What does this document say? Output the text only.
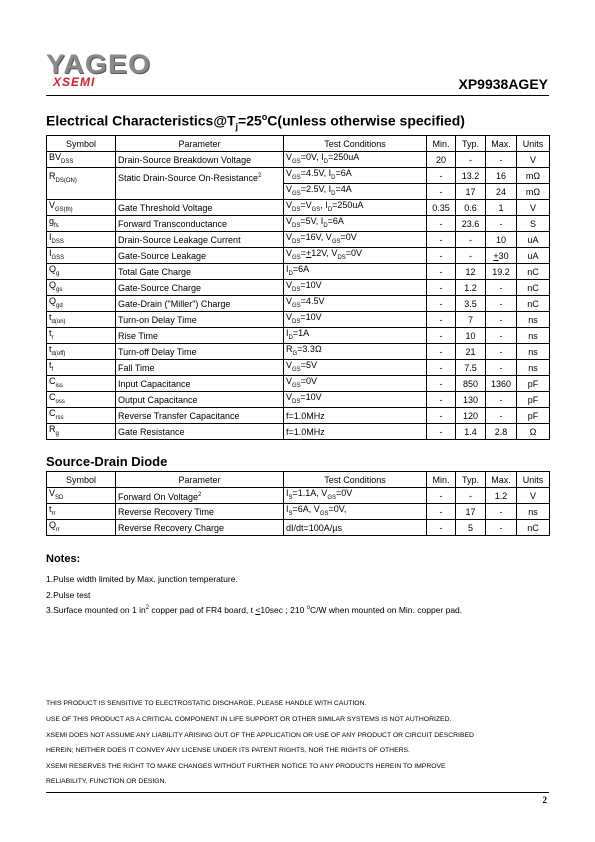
YAGEO
XSEMI	XP9938AGEY
Electrical $Characteristics@T_j=25^oC(unless$ otherwise specified)
Symbol	Parameter	Test Conditions	Min.	Typ.	Max.	Units
$BV_{DSS}$	Drain-Source Breakdown Voltage	$V_{GS}=0V$, $I_D=250uA$	20	-	-	V
$R_{DS(ON)}$	Static Drain-Source On-Resistance$^2$	$V_{GS}=4.5V$, $I_D=6A$	-	13.2	16	mΩ
		$V_{GS}=2.5V$, $I_D=4A$	-	17	24	mΩ
$V_{GS(th)}$	Gate Threshold Voltage	$V_{DS}=V_{GS}$, $I_D=250uA$	0.35	0.6	1	V
$g_{fs}$	Forward Transconductance	$V_{DS}=5V$, $I_D=6A$	-	23.6	-	S
$I_{DSS}$	Drain-Source Leakage Current	$V_{DS}=16V$, $V_{GS}=0V$	-	-	10	uA
$I_{GSS}$	Gate-Source Leakage	$V_{GS}=+12V$, $V_{DS}=0V$	-	-	+30	uA
$Q_g$	Total Gate Charge	$I_D=6A$	-	12	19.2	nC
$Q_{gs}$	Gate-Source Charge	$V_{DS}=10V$	-	1.2	-	nC
$Q_{gd}$	Gate-Drain ("Miller") Charge	$V_{GS}=4.5V$	-	3.5	-	nC
$t_{d(on)}$	Turn-on Delay Time	$V_{DS}=10V$	-	7	-	ns
$t_r$	Rise Time	$I_D=1A$	-	10	-	ns
$t_{d(off)}$	Turn-off Delay Time	$R_G=3.3\Omega$	-	21	-	ns
$t_f$	Fall Time	$V_{GS}=5V$	-	7.5	-	ns
$C_{iss}$	Input Capacitance	$V_{GS}=0V$	-	850	1360	pF
$C_{oss}$	Output Capacitance	$V_{DS}=10V$	-	130	-	pF
$C_{rss}$	Reverse Transfer Capacitance	f=1.0MHz	-	120	-	pF
$R_g$	Gate Resistance	f=1.0MHz	-	1.4	2.8	Ω
Source-Drain Diode
Symbol	Parameter	Test Conditions	Min.	Typ.	Max.	Units
$V_{SD}$	Forward On Voltage$^2$	$I_S=1.1A$, $V_{GS}=0V$	-	-	1.2	V
$t_{rr}$	Reverse Recovery Time	$I_S=6A$, $V_{GS}=0V$,	-	17	-	ns
$Q_{rr}$	Reverse Recovery Charge	dI/dt=100A/µs	-	5	-	nC
Notes:
1.Pulse width limited by Max. junction temperature.
2.Pulse test
3.Surface mounted on 1 $in^2$ copper pad of FR4 board, t <10sec ; 210 $^o$C/W when mounted on Min. copper pad.
THIS PRODUCT IS SENSITIVE TO ELECTROSTATIC DISCHARGE, PLEASE HANDLE WITH CAUTION.
USE OF THIS PRODUCT AS A CRITICAL COMPONENT IN LIFE SUPPORT OR OTHER SIMILAR SYSTEMS IS NOT AUTHORIZED.
XSEMI DOES NOT ASSUME ANY LIABILITY ARISING OUT OF THE APPLICATION OR USE OF ANY PRODUCT OR CIRCUIT DESCRIBED
HEREIN; NEITHER DOES IT CONVEY ANY LICENSE UNDER ITS PATENT RIGHTS, NOR THE RIGHTS OF OTHERS.
XSEMI RESERVES THE RIGHT TO MAKE CHANGES WITHOUT FURTHER NOTICE TO ANY PRODUCTS HEREIN TO IMPROVE
RELIABILITY, FUNCTION OR DESIGN.
2
